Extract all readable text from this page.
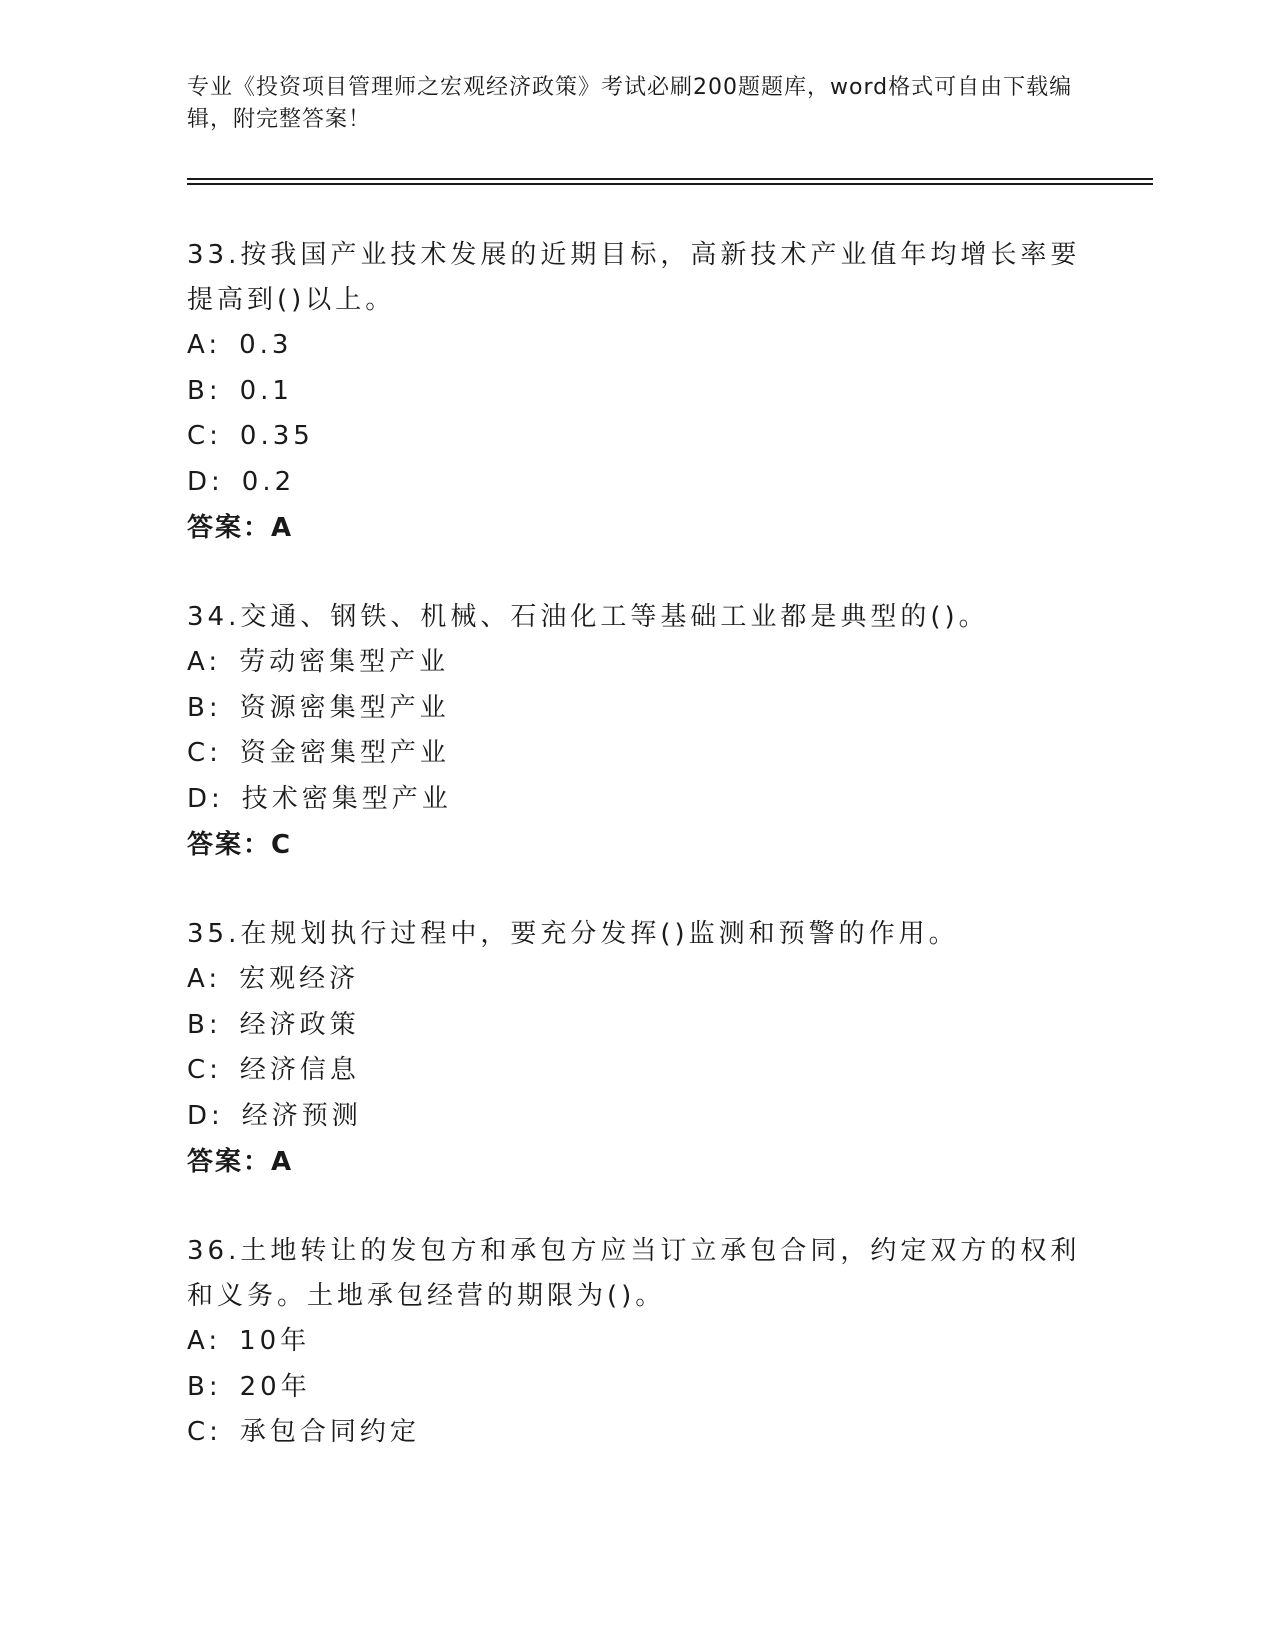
专业《投资项目管理师之宏观经济政策》考试必刷200题题库，word格式可自由下载编辑，附完整答案！

33.按我国产业技术发展的近期目标，高新技术产业值年均增长率要提高到()以上。

A: 0.3

B: 0.1

C: 0.35

D: 0.2

答案：A

34.交通、钢铁、机械、石油化工等基础工业都是典型的()。

A: 劳动密集型产业

B: 资源密集型产业

C: 资金密集型产业

D: 技术密集型产业

答案：C

35.在规划执行过程中，要充分发挥()监测和预警的作用。

A: 宏观经济

B: 经济政策

C: 经济信息

D: 经济预测

答案：A

36.土地转让的发包方和承包方应当订立承包合同，约定双方的权利和义务。土地承包经营的期限为()。

A: 10年

B: 20年

C: 承包合同约定
